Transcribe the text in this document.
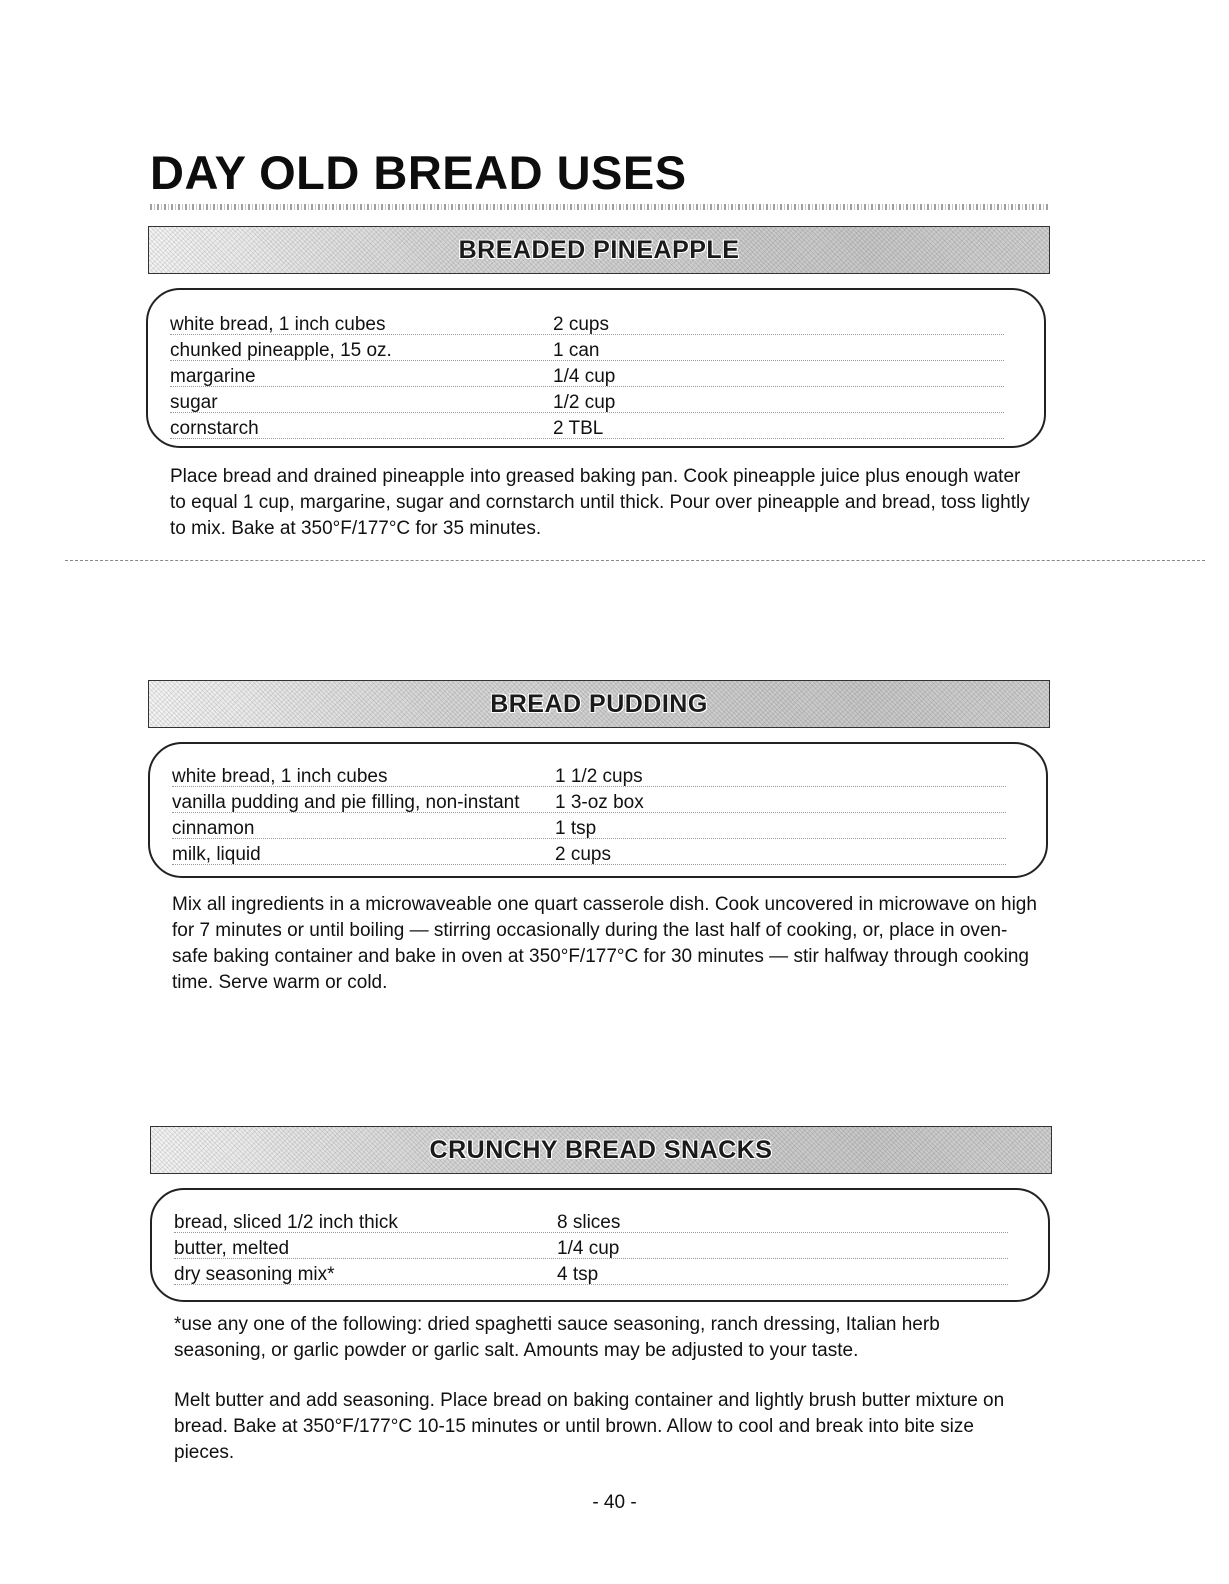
DAY OLD BREAD USES
BREADED PINEAPPLE
white bread, 1 inch cubes	2 cups
chunked pineapple, 15 oz.	1 can
margarine	1/4 cup
sugar	1/2 cup
cornstarch	2 TBL

Place bread and drained pineapple into greased baking pan. Cook pineapple juice plus enough water to equal 1 cup, margarine, sugar and cornstarch until thick. Pour over pineapple and bread, toss lightly to mix. Bake at 350°F/177°C for 35 minutes.

BREAD PUDDING
white bread, 1 inch cubes	1 1/2 cups
vanilla pudding and pie filling, non-instant 1 3-oz box
cinnamon	1 tsp
milk, liquid	2 cups

Mix all ingredients in a microwaveable one quart casserole dish. Cook uncovered in microwave on high for 7 minutes or until boiling — stirring occasionally during the last half of cooking, or, place in oven-safe baking container and bake in oven at 350°F/177°C for 30 minutes — stir halfway through cooking time. Serve warm or cold.

CRUNCHY BREAD SNACKS
bread, sliced 1/2 inch thick	8 slices
butter, melted	1/4 cup
dry seasoning mix*	4 tsp

*use any one of the following: dried spaghetti sauce seasoning, ranch dressing, Italian herb seasoning, or garlic powder or garlic salt. Amounts may be adjusted to your taste.

Melt butter and add seasoning. Place bread on baking container and lightly brush butter mixture on bread. Bake at 350°F/177°C 10-15 minutes or until brown. Allow to cool and break into bite size pieces.

- 40 -
